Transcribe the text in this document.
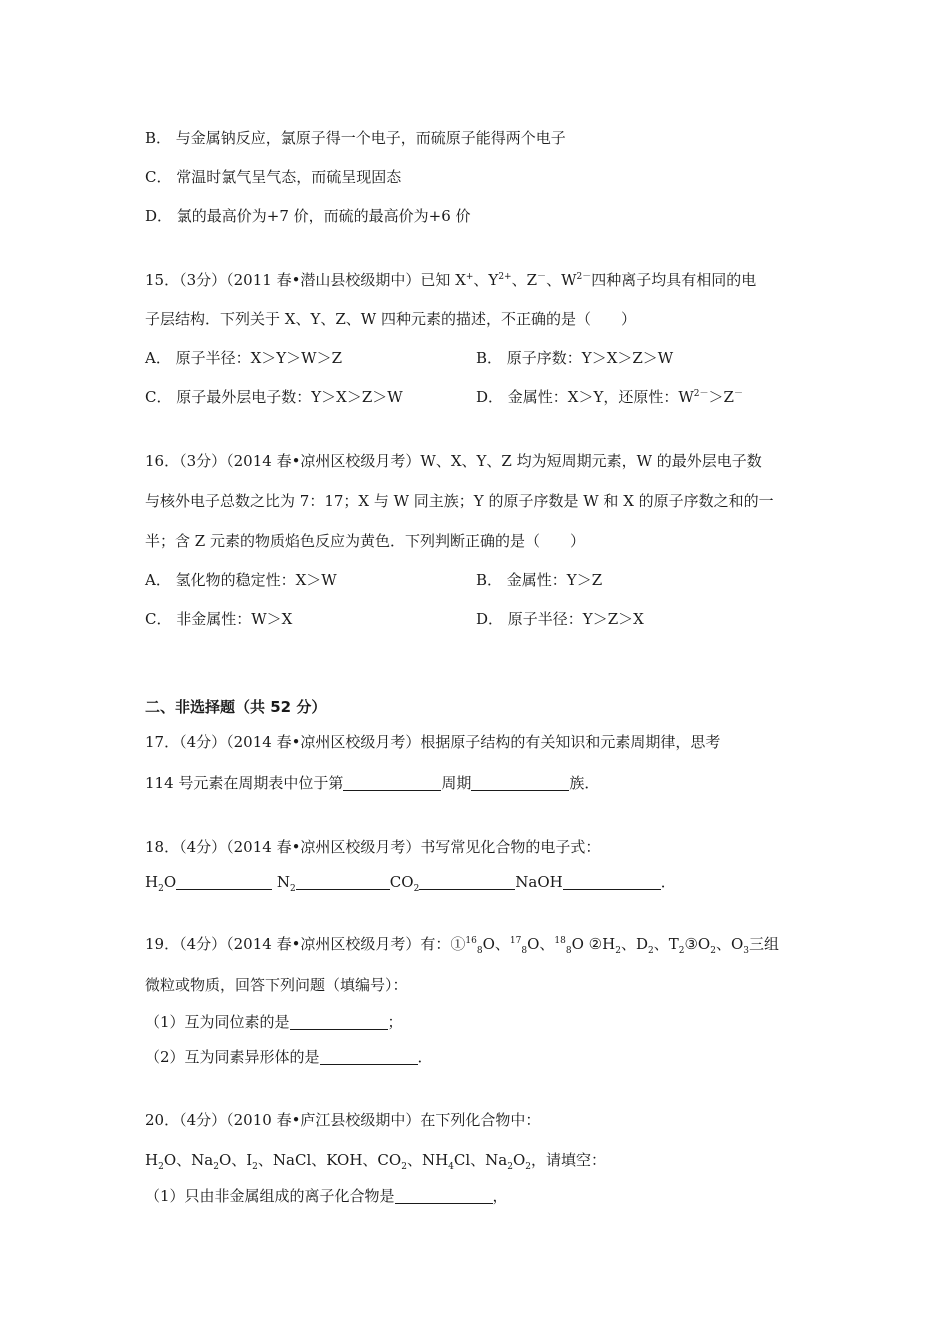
B． 与金属钠反应，氯原子得一个电子，而硫原子能得两个电子
C． 常温时氯气呈气态，而硫呈现固态
D． 氯的最高价为+7 价，而硫的最高价为+6 价
15．（3分）（2011 春•潜山县校级期中）已知 X+、$Y^{2+}$、Z－、$W^{2-}$四种离子均具有相同的电
子层结构．下列关于 X、Y、Z、W 四种元素的描述，不正确的是（　　）
A． 原子半径：X＞Y＞W＞Z	B． 原子序数：Y＞X＞Z＞W
C． 原子最外层电子数：Y＞X＞Z＞W	D． 金属性：X＞Y，还原性：$W^{2-}>Z^-$
16．（3分）（2014 春•凉州区校级月考）W、X、Y、Z 均为短周期元素，W 的最外层电子数
与核外电子总数之比为 7：17；X 与 W 同主族；Y 的原子序数是 W 和 X 的原子序数之和的一
半；含 Z 元素的物质焰色反应为黄色．下列判断正确的是（　　）
A． 氢化物的稳定性：X＞W	B． 金属性：Y＞Z
C． 非金属性：W＞X	D． 原子半径：Y＞Z＞X
二、非选择题（共 52 分）
17．（4分）（2014 春•凉州区校级月考）根据原子结构的有关知识和元素周期律，思考
114 号元素在周期表中位于第	周期	族．
18．（4分）（2014 春•凉州区校级月考）书写常见化合物的电子式：
$H_2O$	$N_2$	$CO_2$	NaOH	．
19．（4分）（2014 春•凉州区校级月考）有：①$^{16}_8$O、$^{17}_8$O、$^{18}_8$O $②H_2$、$D_2$、$T_2③O_2$、$O_3$三组
微粒或物质，回答下列问题（填编号）：
（1）互为同位素的是	；
（2）互为同素异形体的是	．
20．（4分）（2010 春•庐江县校级期中）在下列化合物中：
$H_2O$、$Na_2O$、$I_2$、NaCl、KOH、$CO_2$、$NH_4Cl$、$Na_2O_2$，请填空：
（1）只由非金属组成的离子化合物是	，
